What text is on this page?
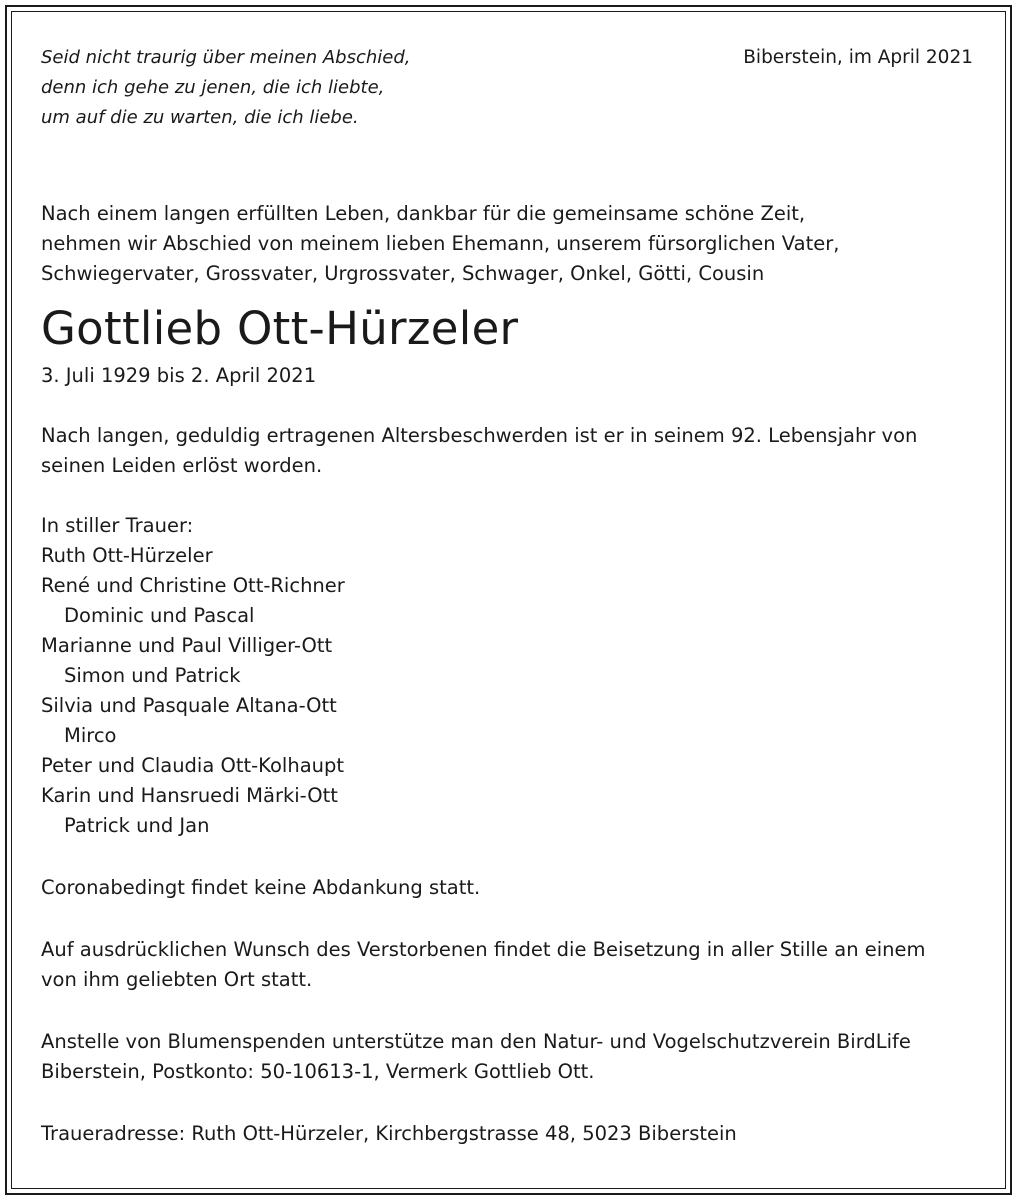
Biberstein, im April 2021
Seid nicht traurig über meinen Abschied,
denn ich gehe zu jenen, die ich liebte,
um auf die zu warten, die ich liebe.
Nach einem langen erfüllten Leben, dankbar für die gemeinsame schöne Zeit,
nehmen wir Abschied von meinem lieben Ehemann, unserem fürsorglichen Vater,
Schwiegervater, Grossvater, Urgrossvater, Schwager, Onkel, Götti, Cousin
Gottlieb Ott-Hürzeler
3. Juli 1929 bis 2. April 2021
Nach langen, geduldig ertragenen Altersbeschwerden ist er in seinem 92. Lebensjahr von
seinen Leiden erlöst worden.
In stiller Trauer:
Ruth Ott-Hürzeler
René und Christine Ott-Richner
Dominic und Pascal
Marianne und Paul Villiger-Ott
Simon und Patrick
Silvia und Pasquale Altana-Ott
Mirco
Peter und Claudia Ott-Kolhaupt
Karin und Hansruedi Märki-Ott
Patrick und Jan
Coronabedingt findet keine Abdankung statt.
Auf ausdrücklichen Wunsch des Verstorbenen findet die Beisetzung in aller Stille an einem
von ihm geliebten Ort statt.
Anstelle von Blumenspenden unterstütze man den Natur- und Vogelschutzverein BirdLife
Biberstein, Postkonto: 50-10613-1, Vermerk Gottlieb Ott.
Traueradresse: Ruth Ott-Hürzeler, Kirchbergstrasse 48, 5023 Biberstein
